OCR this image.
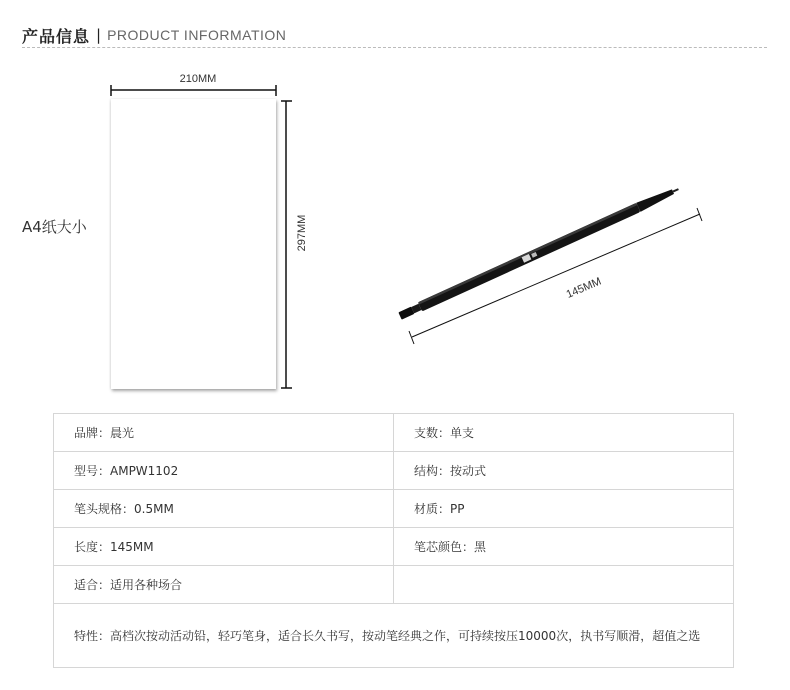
产品信息 | PRODUCT INFORMATION
A4纸大小
210MM
297MM
145MM
品牌：晨光	支数：单支
型号：AMPW1102	结构：按动式
笔头规格：0.5MM	材质：PP
长度：145MM	笔芯颜色：黑
适合：适用各种场合	

特性： 高档次按动活动铅，轻巧笔身，适合长久书写，按动笔经典之作，可持续按压10000次，执书写顺滑，超值之选	
